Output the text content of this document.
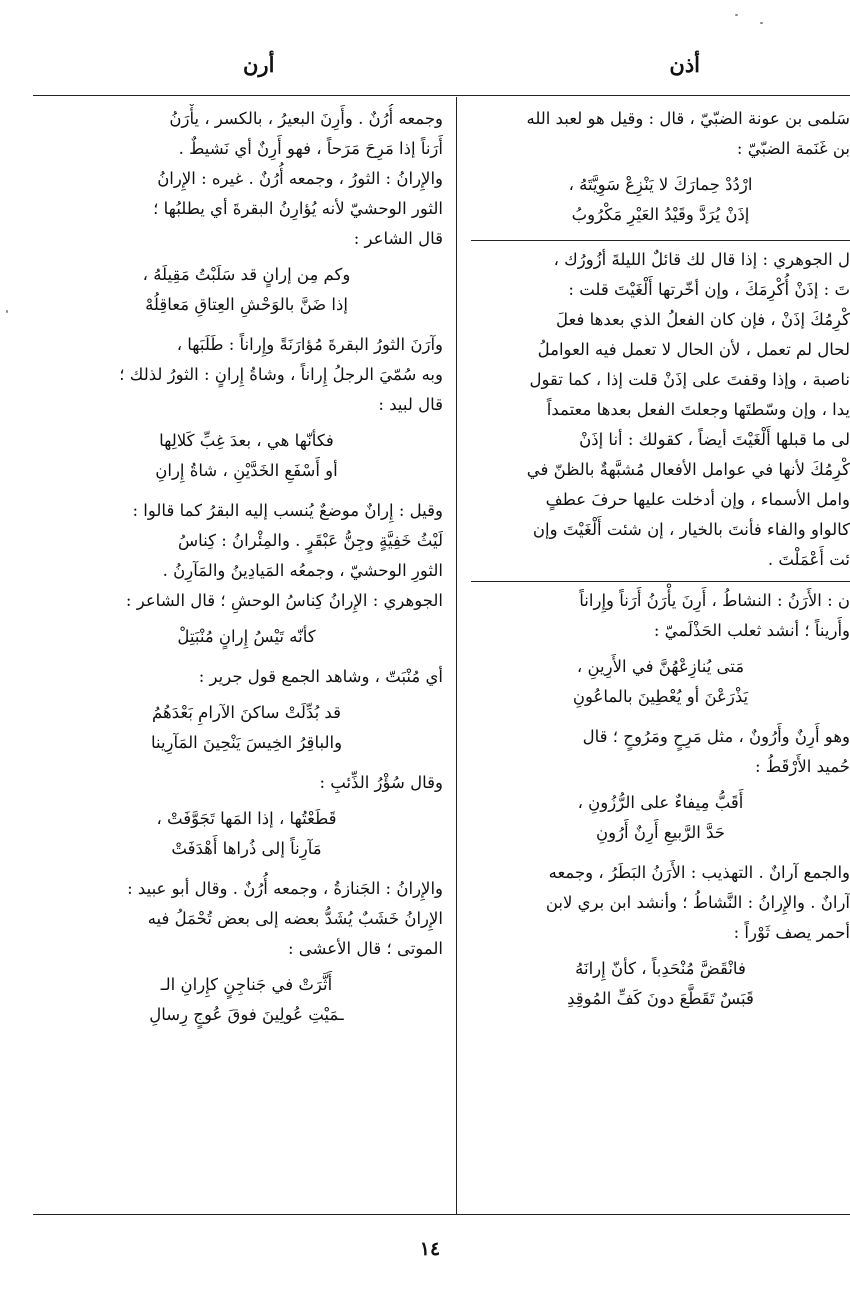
أذن
أرن
سَلمى بن عونة الضبّيّ ، قال : وقيل هو لعبد الله
بن غَنَمة الضبّيّ :
ارْدُدْ حِمارَكَ لا يَنْزِعْ سَوِيَّتَهُ ،
إذَنْ يُرَدَّ وقَيْدُ العَيْرِ مَكْرُوبُ
ل الجوهري : إذا قال لك قائلٌ الليلةَ أزُورُك ،
تَ : إذَنْ أُكْرِمَكَ ، وإن أخّرتها أَلْغَيْتَ قلت :
كْرِمُكَ إذَنْ ، فإن كان الفعلُ الذي بعدها فعلَ
لحال لم تعمل ، لأن الحال لا تعمل فيه العواملُ
ناصبة ، وإذا وقفتَ على إذَنْ قلت إذا ، كما تقول
يدا ، وإن وسّطتَها وجعلتَ الفعل بعدها معتمداً
لى ما قبلها أَلْغَيْتَ أيضاً ، كقولك : أنا إذَنْ
كْرِمُكَ لأنها في عوامل الأفعال مُشبَّهةٌ بالظنّ في
وامل الأسماء ، وإن أدخلت عليها حرفَ عطفٍ
كالواو والفاء فأنتَ بالخيار ، إن شئت أَلْغَيْتَ وإن
ئت أَعْمَلْتَ .
ن : الأَرَنُ : النشاطُ ، أَرِنَ يأْرَنُ أَرَناً وإِراناً
وأَريناً ؛ أنشد ثعلب الحَذْلَميّ :
مَتى يُنازِعْهُنَّ في الأَرِينِ ،
يَذْرَعْنَ أو يُعْطِينَ بالماعُونِ
وهو أَرِنٌ وأَرُونٌ ، مثل مَرِحٍ ومَرُوحٍ ؛ قال
حُميد الأَرْقَطُ :
أَقَبُّ مِيفاءٌ على الرُّزُونِ ،
حَدَّ الرَّبيعِ أَرِنٌ أَرُونِ
والجمع آرانٌ . التهذيب : الأَرَنُ البَطَرُ ، وجمعه
آرانٌ . والإِرانُ : النَّشاطُ ؛ وأنشد ابن بري لابن
أحمر يصف ثَوْراً :
فانْقَضَّ مُنْحَدِباً ، كأنّ إِرانَهُ
قَبَسٌ تَقَطَّعَ دونَ كَفِّ المُوقِدِ
وجمعه أُرُنٌ . وأَرِنَ البعيرُ ، بالكسر ، يأْرَنُ
أَرَناً إذا مَرِحَ مَرَحاً ، فهو أَرِنٌ أي نَشيطٌ .
والإِرانُ : الثورُ ، وجمعه أُرُنٌ . غيره : الإِرانُ
الثور الوحشيّ لأنه يُؤارِنُ البقرةَ أي يطلبُها ؛
قال الشاعر :
وكم مِن إرانٍ قد سَلَبْتُ مَقِيلَهُ ،
إذا ضَنَّ بالوَحْشِ العِتاقِ مَعاقِلُهْ
وآرَنَ الثورُ البقرةَ مُؤارَنَةً وإِراناً : طَلَبَها ،
وبه سُمّيَ الرجلُ إِراناً ، وشاةُ إِرانٍ : الثورُ لذلك ؛
قال لبيد :
فكأنّها هي ، بعدَ غِبِّ كَلالِها
أو أَسْفَعِ الخَدَّيْنِ ، شاةُ إِرانِ
وقيل : إِرانٌ موضعٌ يُنسب إليه البقرُ كما قالوا :
لَيْثُ خَفِيَّةٍ وجِنُّ عَبْقَرٍ . والمِئْرانُ : كِناسُ
الثورِ الوحشيّ ، وجمعُه المَيادِينُ والمَآرِنُ .
الجوهري : الإِرانُ كِناسُ الوحشِ ؛ قال الشاعر :
كأنّه تَيْسُ إِرانٍ مُنْبَتِلْ
أي مُنْبَتّ ، وشاهد الجمع قول جرير :
قد بُدِّلَتْ ساكنَ الآرامِ بَعْدَهُمُ
والباقِرُ الخِيسَ يَنْحِينَ المَآرِينا
وقال سُؤْرُ الذِّئبِ :
قَطَعْتُها ، إذا المَها تَجَوَّفَتْ ،
مَآرِناً إلى ذُراها أَهْدَفَتْ
والإِرانُ : الجَنازةُ ، وجمعه أُرُنٌ . وقال أبو عبيد :
الإِرانُ خَشَبٌ يُشَدُّ بعضه إلى بعض تُحْمَلُ فيه
الموتى ؛ قال الأعشى :
أَثَّرَتْ في جَناجِنٍ كإِرانِ الـ
ـمَيْتِ عُولِينَ فوقَ عُوجٍ رِسالِ
١٤
